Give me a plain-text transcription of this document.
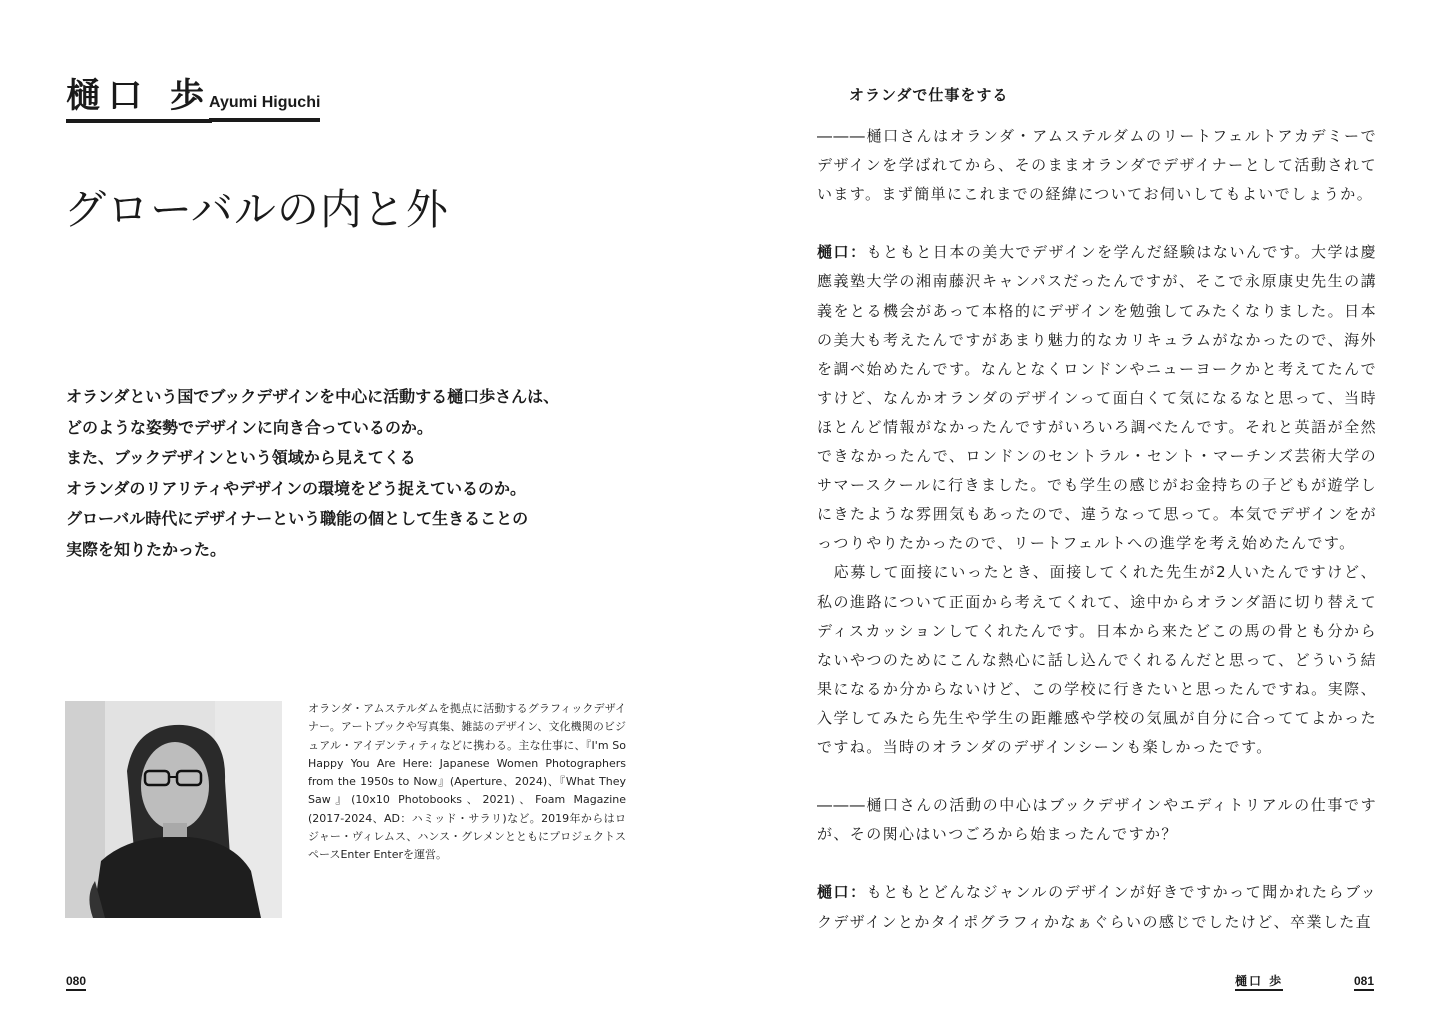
樋口 歩
Ayumi Higuchi
グローバルの内と外
オランダという国でブックデザインを中心に活動する樋口歩さんは、
どのような姿勢でデザインに向き合っているのか。
また、ブックデザインという領域から見えてくる
オランダのリアリティやデザインの環境をどう捉えているのか。
グローバル時代にデザイナーという職能の個として生きることの
実際を知りたかった。

オランダ・アムステルダムを拠点に活動するグラフィックデザイナー。アートブックや写真集、雑誌のデザイン、文化機関のビジュアル・アイデンティティなどに携わる。主な仕事に、『I'm So Happy You Are Here: Japanese Women Photographers from the 1950s to Now』(Aperture、2024)、『What They Saw』(10x10 Photobooks、2021)、Foam Magazine (2017-2024、AD：ハミッド・サラリ)など。2019年からはロジャー・ヴィレムス、ハンス・グレメンとともにプロジェクトスペースEnter Enterを運営。

080
オランダで仕事をする

―――樋口さんはオランダ・アムステルダムのリートフェルトアカデミーでデザインを学ばれてから、そのままオランダでデザイナーとして活動されています。まず簡単にこれまでの経緯についてお伺いしてもよいでしょうか。

樋口：もともと日本の美大でデザインを学んだ経験はないんです。大学は慶應義塾大学の湘南藤沢キャンパスだったんですが、そこで永原康史先生の講義をとる機会があって本格的にデザインを勉強してみたくなりました。日本の美大も考えたんですがあまり魅力的なカリキュラムがなかったので、海外を調べ始めたんです。なんとなくロンドンやニューヨークかと考えてたんですけど、なんかオランダのデザインって面白くて気になるなと思って、当時ほとんど情報がなかったんですがいろいろ調べたんです。それと英語が全然できなかったんで、ロンドンのセントラル・セント・マーチンズ芸術大学のサマースクールに行きました。でも学生の感じがお金持ちの子どもが遊学しにきたような雰囲気もあったので、違うなって思って。本気でデザインをがっつりやりたかったので、リートフェルトへの進学を考え始めたんです。

　応募して面接にいったとき、面接してくれた先生が2人いたんですけど、私の進路について正面から考えてくれて、途中からオランダ語に切り替えてディスカッションしてくれたんです。日本から来たどこの馬の骨とも分からないやつのためにこんな熱心に話し込んでくれるんだと思って、どういう結果になるか分からないけど、この学校に行きたいと思ったんですね。実際、入学してみたら先生や学生の距離感や学校の気風が自分に合っててよかったですね。当時のオランダのデザインシーンも楽しかったです。

―――樋口さんの活動の中心はブックデザインやエディトリアルの仕事ですが、その関心はいつごろから始まったんですか？

樋口：もともとどんなジャンルのデザインが好きですかって聞かれたらブックデザインとかタイポグラフィかなぁぐらいの感じでしたけど、卒業した直

樋口 歩	081
